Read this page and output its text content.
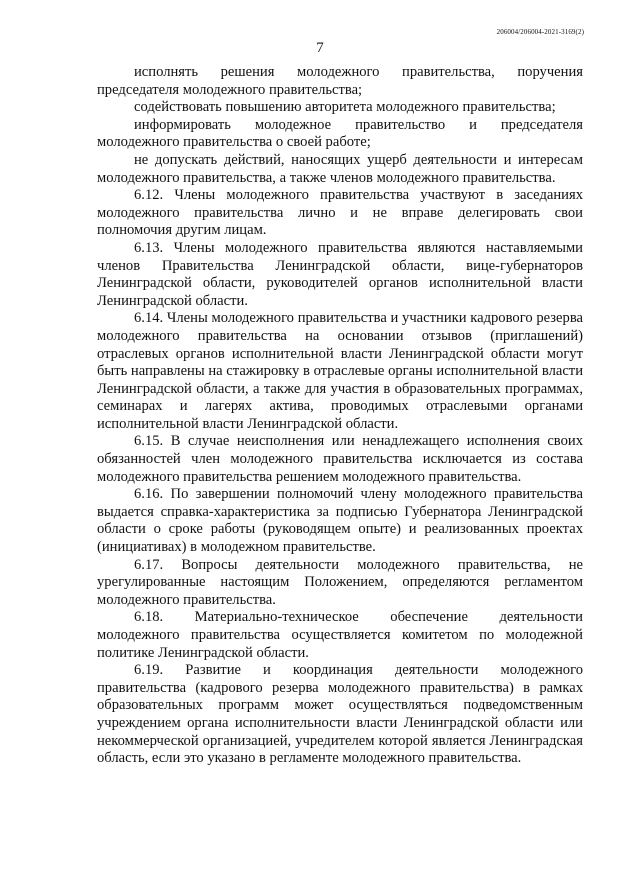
206004/206004-2021-3169(2)
7

исполнять решения молодежного правительства, поручения председателя молодежного правительства;

содействовать повышению авторитета молодежного правительства;

информировать молодежное правительство и председателя молодежного правительства о своей работе;

не допускать действий, наносящих ущерб деятельности и интересам молодежного правительства, а также членов молодежного правительства.

6.12. Члены молодежного правительства участвуют в заседаниях молодежного правительства лично и не вправе делегировать свои полномочия другим лицам.

6.13. Члены молодежного правительства являются наставляемыми членов Правительства Ленинградской области, вице-губернаторов Ленинградской области, руководителей органов исполнительной власти Ленинградской области.

6.14. Члены молодежного правительства и участники кадрового резерва молодежного правительства на основании отзывов (приглашений) отраслевых органов исполнительной власти Ленинградской области могут быть направлены на стажировку в отраслевые органы исполнительной власти Ленинградской области, а также для участия в образовательных программах, семинарах и лагерях актива, проводимых отраслевыми органами исполнительной власти Ленинградской области.

6.15. В случае неисполнения или ненадлежащего исполнения своих обязанностей член молодежного правительства исключается из состава молодежного правительства решением молодежного правительства.

6.16. По завершении полномочий члену молодежного правительства выдается справка-характеристика за подписью Губернатора Ленинградской области о сроке работы (руководящем опыте) и реализованных проектах (инициативах) в молодежном правительстве.

6.17. Вопросы деятельности молодежного правительства, не урегулированные настоящим Положением, определяются регламентом молодежного правительства.

6.18. Материально-техническое обеспечение деятельности молодежного правительства осуществляется комитетом по молодежной политике Ленинградской области.

6.19. Развитие и координация деятельности молодежного правительства (кадрового резерва молодежного правительства) в рамках образовательных программ может осуществляться подведомственным учреждением органа исполнительности власти Ленинградской области или некоммерческой организацией, учредителем которой является Ленинградская область, если это указано в регламенте молодежного правительства.
